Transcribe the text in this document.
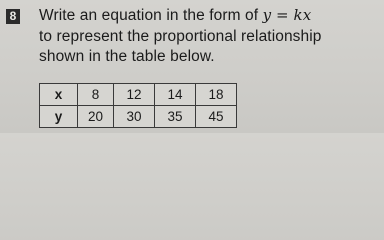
8 Write an equation in the form of y = kx
to represent the proportional relationship
shown in the table below.
x	8	12	14	18
y	20	30	35	45
